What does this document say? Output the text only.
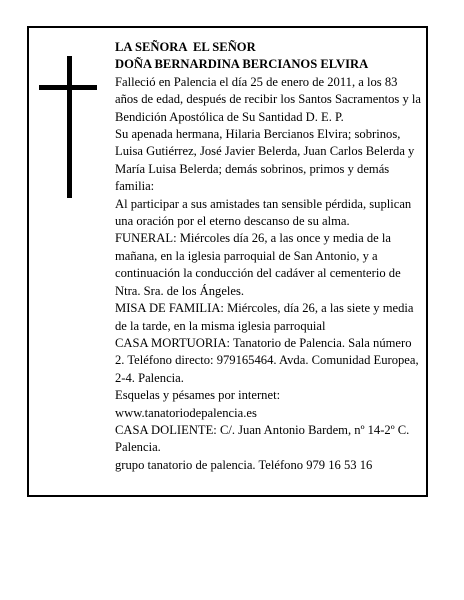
LA SEÑORA  EL SEÑOR

DOÑA BERNARDINA BERCIANOS ELVIRA

Falleció en Palencia el día 25 de enero de 2011, a los 83 años de edad, después de recibir los Santos Sacramentos y la Bendición Apostólica de Su Santidad D. E. P.

Su apenada hermana, Hilaria Bercianos Elvira; sobrinos, Luisa Gutiérrez, José Javier Belerda, Juan Carlos Belerda y María Luisa Belerda; demás sobrinos, primos y demás familia:

Al participar a sus amistades tan sensible pérdida, suplican una oración por el eterno descanso de su alma.

FUNERAL: Miércoles día 26, a las once y media de la mañana, en la iglesia parroquial de San Antonio, y a continuación la conducción del cadáver al cementerio de Ntra. Sra. de los Ángeles.

MISA DE FAMILIA: Miércoles, día 26, a las siete y media de la tarde, en la misma iglesia parroquial

CASA MORTUORIA: Tanatorio de Palencia. Sala número 2. Teléfono directo: 979165464. Avda. Comunidad Europea, 2-4. Palencia.

Esquelas y pésames por internet: www.tanatoriodepalencia.es

CASA DOLIENTE: C/. Juan Antonio Bardem, nº 14-2º C. Palencia.

grupo tanatorio de palencia. Teléfono 979 16 53 16
